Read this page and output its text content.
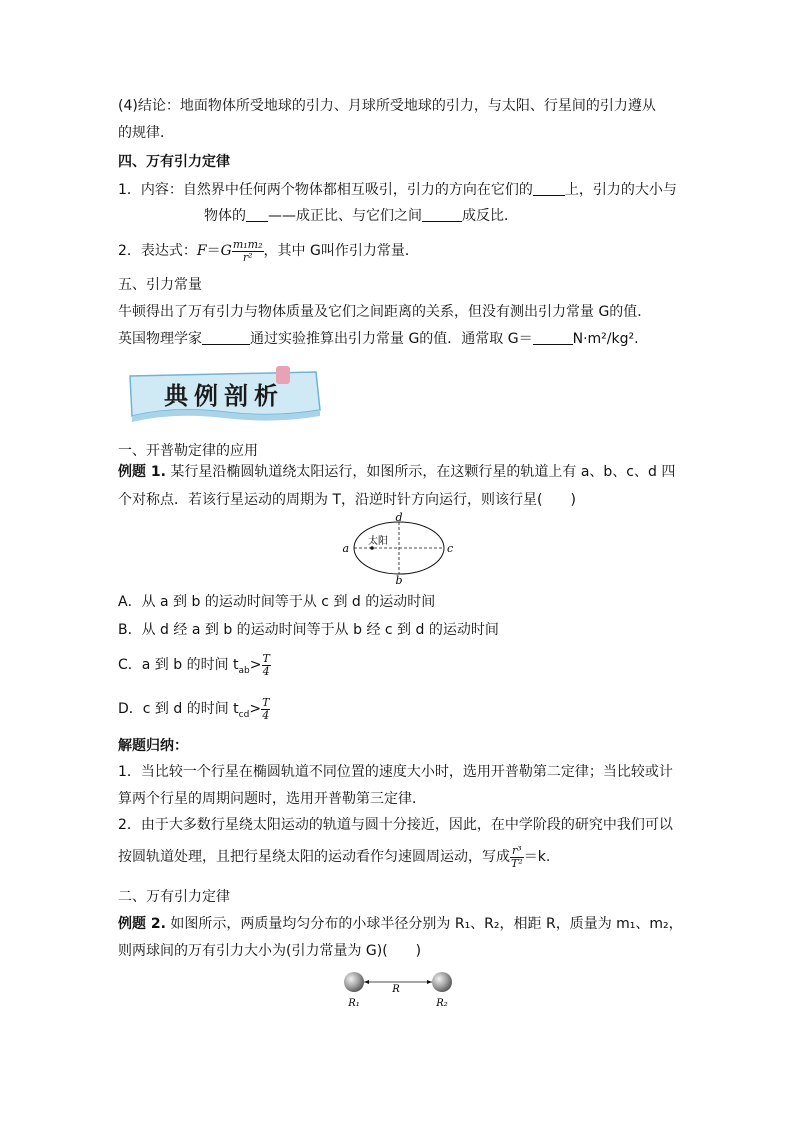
(4)结论：地面物体所受地球的引力、月球所受地球的引力，与太阳、行星间的引力遵从
的规律．
四、万有引力定律
1．内容：自然界中任何两个物体都相互吸引，引力的方向在它们的 上，引力的大小与
物体的 ——成正比、与它们之间	成反比．
2．表达式：$F=G \frac{\text{m₁m₂}}{\text{r²}}$ ，其中 G叫作引力常量．
五、引力常量
牛顿得出了万有引力与物体质量及它们之间距离的关系，但没有测出引力常量 G的值．
英国物理学家	通过实验推算出引力常量 G的值．通常取 G＝	N·m²/kg².
典例剖析
一、开普勒定律的应用
例题 1. 某行星沿椭圆轨道绕太阳运行，如图所示，在这颗行星的轨道上有 a、b、c、d 四
个对称点．若该行星运动的周期为 T，沿逆时针方向运行，则该行星(　　)
a
b
c
d
太阳
A．从 a 到 b 的运动时间等于从 c 到 d 的运动时间
B．从 d 经 a 到 b 的运动时间等于从 b 经 c 到 d 的运动时间
C．a 到 b 的时间 $t_{ab}> \frac{T}{4}$
D．c 到 d 的时间 $t_{cd}> \frac{T}{4}$
解题归纳：
1．当比较一个行星在椭圆轨道不同位置的速度大小时，选用开普勒第二定律；当比较或计
算两个行星的周期问题时，选用开普勒第三定律．
2．由于大多数行星绕太阳运动的轨道与圆十分接近，因此，在中学阶段的研究中我们可以
按圆轨道处理，且把行星绕太阳的运动看作匀速圆周运动，写成 $\frac{\text{r³}}{\text{T²}} =k$.
二、万有引力定律
例题 2. 如图所示，两质量均匀分布的小球半径分别为 R₁、R₂，相距 R，质量为 m₁、m₂，
则两球间的万有引力大小为(引力常量为 G)(　　)
R
R₁	R₂
